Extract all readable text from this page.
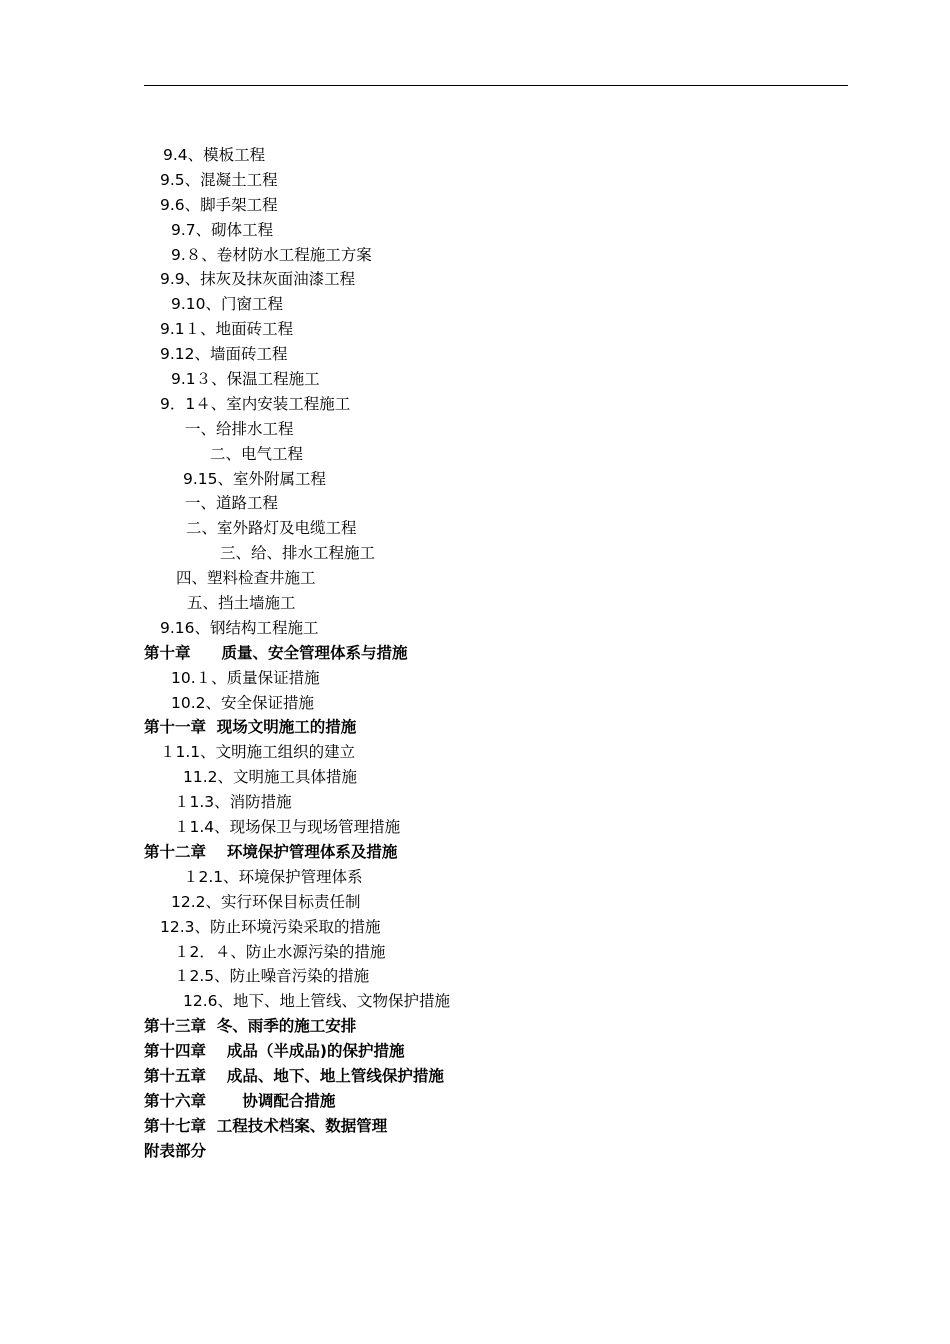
9.4、模板工程
9.5、混凝土工程
9.6、脚手架工程
9.7、砌体工程
9.８、卷材防水工程施工方案
9.9、抹灰及抹灰面油漆工程
9.10、门窗工程
9.1１、地面砖工程
9.12、墙面砖工程
9.1３、保温工程施工
9．1４、室内安装工程施工
一、给排水工程
二、电气工程
9.15、室外附属工程
一、道路工程
二、室外路灯及电缆工程
三、给、排水工程施工
四、塑料检查井施工
五、挡土墙施工
9.16、钢结构工程施工
第十章　　质量、安全管理体系与措施
10.１、质量保证措施
10.2、安全保证措施
第十一章  现场文明施工的措施
１1.1、文明施工组织的建立
11.2、文明施工具体措施
１1.3、消防措施
１1.4、现场保卫与现场管理措施
第十二章　 环境保护管理体系及措施
１2.1、环境保护管理体系
12.2、实行环保目标责任制
12.3、防止环境污染采取的措施
１2．４、防止水源污染的措施
１2.5、防止噪音污染的措施
12.6、地下、地上管线、文物保护措施
第十三章  冬、雨季的施工安排
第十四章　 成品（半成品)的保护措施
第十五章　 成品、地下、地上管线保护措施
第十六章 　　协调配合措施
第十七章  工程技术档案、数据管理
附表部分
